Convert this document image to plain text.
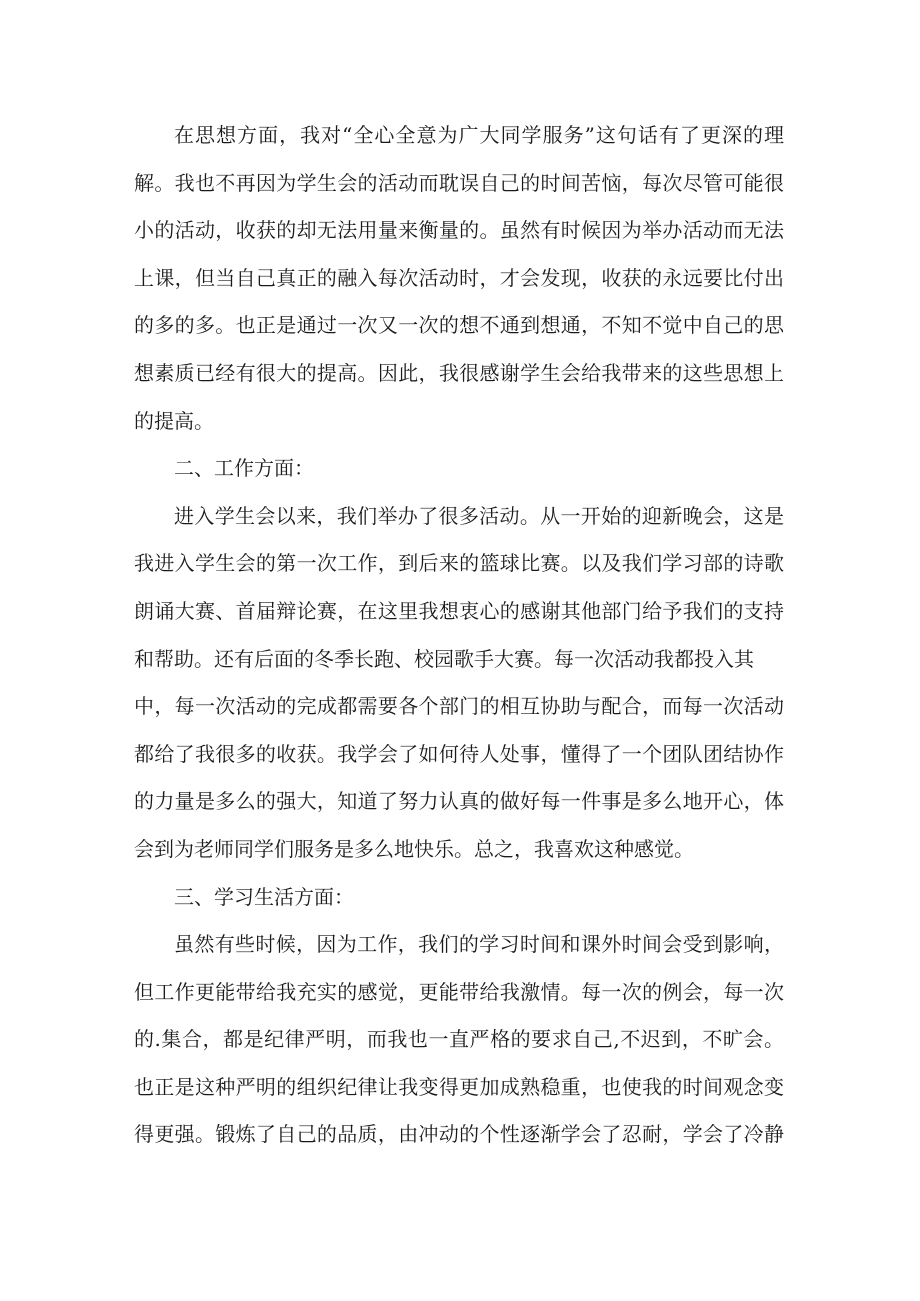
在思想方面，我对“全心全意为广大同学服务”这句话有了更深的理
解。我也不再因为学生会的活动而耽误自己的时间苦恼，每次尽管可能很
小的活动，收获的却无法用量来衡量的。虽然有时候因为举办活动而无法
上课，但当自己真正的融入每次活动时，才会发现，收获的永远要比付出
的多的多。也正是通过一次又一次的想不通到想通，不知不觉中自己的思
想素质已经有很大的提高。因此，我很感谢学生会给我带来的这些思想上
的提高。
二、工作方面：
进入学生会以来，我们举办了很多活动。从一开始的迎新晚会，这是
我进入学生会的第一次工作，到后来的篮球比赛。以及我们学习部的诗歌
朗诵大赛、首届辩论赛，在这里我想衷心的感谢其他部门给予我们的支持
和帮助。还有后面的冬季长跑、校园歌手大赛。每一次活动我都投入其
中，每一次活动的完成都需要各个部门的相互协助与配合，而每一次活动
都给了我很多的收获。我学会了如何待人处事，懂得了一个团队团结协作
的力量是多么的强大，知道了努力认真的做好每一件事是多么地开心，体
会到为老师同学们服务是多么地快乐。总之，我喜欢这种感觉。
三、学习生活方面：
虽然有些时候，因为工作，我们的学习时间和课外时间会受到影响，
但工作更能带给我充实的感觉，更能带给我激情。每一次的例会，每一次
的.集合，都是纪律严明，而我也一直严格的要求自己,不迟到，不旷会。
也正是这种严明的组织纪律让我变得更加成熟稳重，也使我的时间观念变
得更强。锻炼了自己的品质，由冲动的个性逐渐学会了忍耐，学会了冷静
